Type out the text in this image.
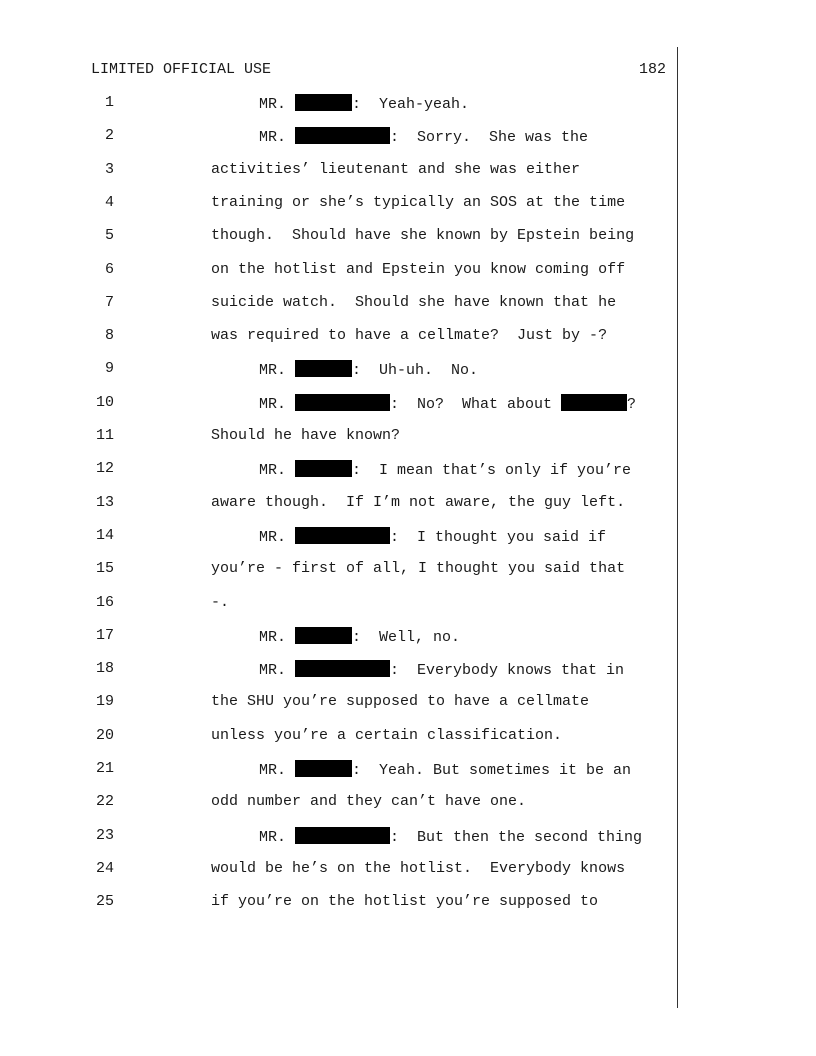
LIMITED OFFICIAL USE	182
1	MR.	:  Yeah-yeah.
2	MR.	:  Sorry.  She was the
3	activities’ lieutenant and she was either
4	training or she’s typically an SOS at the time
5	though.  Should have she known by Epstein being
6	on the hotlist and Epstein you know coming off
7	suicide watch.  Should she have known that he
8	was required to have a cellmate?  Just by -?
9	MR.	:  Uh-uh.  No.
10	MR.	:  No?  What about	?
11	Should he have known?
12	MR.	:  I mean that’s only if you’re
13	aware though.  If I’m not aware, the guy left.
14	MR.	:  I thought you said if
15	you’re - first of all, I thought you said that
16	-.
17	MR.	:  Well, no.
18	MR.	:  Everybody knows that in
19	the SHU you’re supposed to have a cellmate
20	unless you’re a certain classification.
21	MR.	:  Yeah. But sometimes it be an
22	odd number and they can’t have one.
23	MR.	:  But then the second thing
24	would be he’s on the hotlist.  Everybody knows
25	if you’re on the hotlist you’re supposed to
